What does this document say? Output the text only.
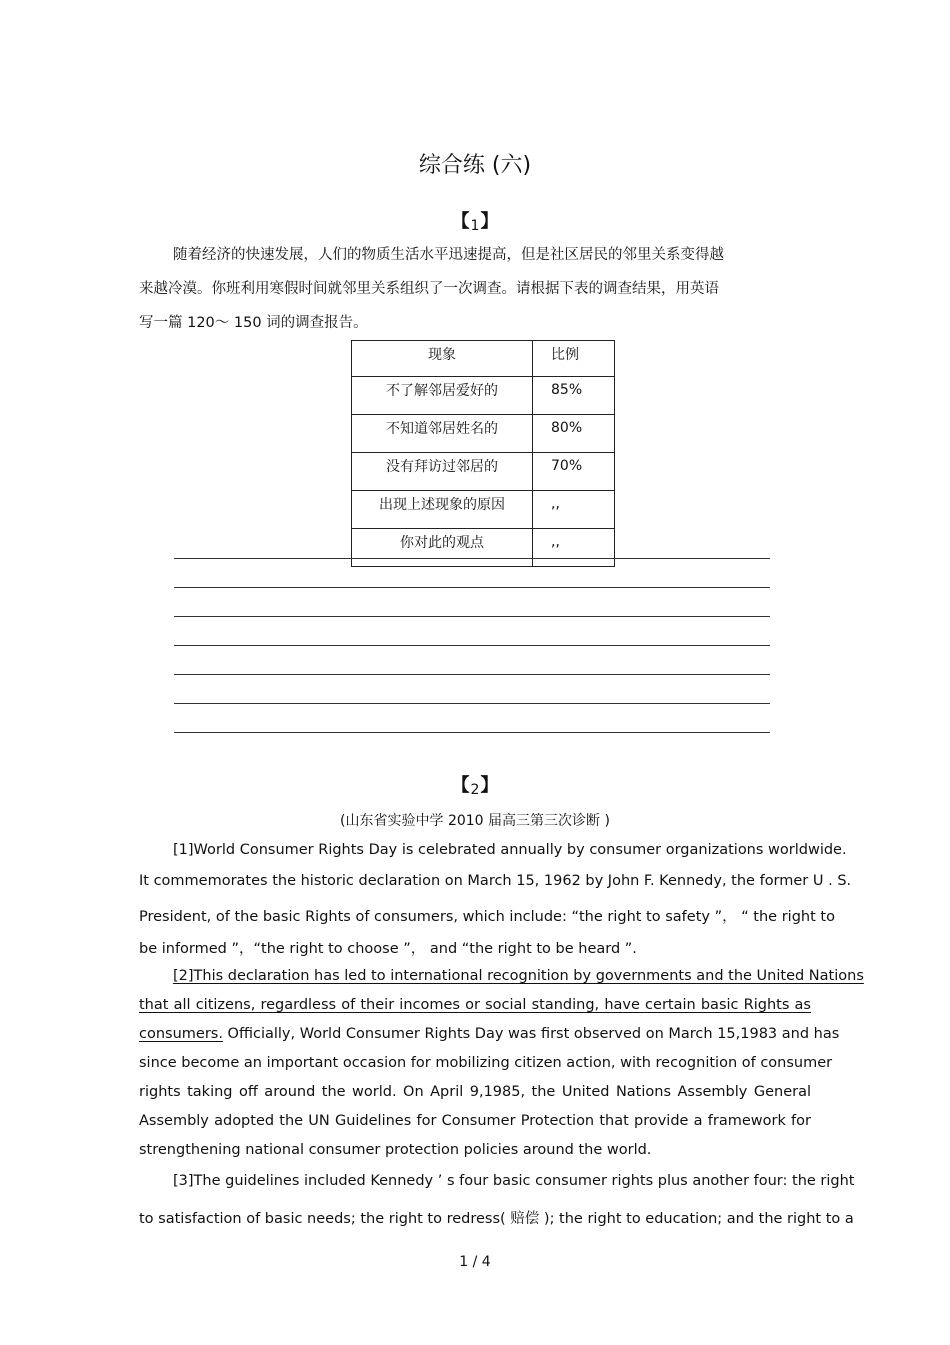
综合练 (六)
【1】
随着经济的快速发展，人们的物质生活水平迅速提高，但是社区居民的邻里关系变得越
来越冷漠。你班利用寒假时间就邻里关系组织了一次调查。请根据下表的调查结果，用英语
写一篇 120～ 150 词的调查报告。
现象	比例
不了解邻居爱好的	85%
不知道邻居姓名的	80%
没有拜访过邻居的	70%
出现上述现象的原因	,,
你对此的观点	,,
【2】
(山东省实验中学 2010 届高三第三次诊断 )
[1]World Consumer Rights Day is celebrated annually by consumer organizations worldwide.
It commemorates the historic declaration on March 15, 1962 by John F. Kennedy, the former U . S.
President, of the basic Rights of consumers, which include: “the right to safety ”， “ the right to
be informed ”，“the right to choose ”， and “the right to be heard ”.
[2]This declaration has led to international recognition by governments and the United Nations
that all citizens, regardless of their incomes or social standing, have certain basic Rights as
consumers. Officially, World Consumer Rights Day was first observed on March 15,1983 and has
since become an important occasion for mobilizing citizen action, with recognition of consumer
rights taking off around the world. On April 9,1985, the United Nations Assembly General
Assembly adopted the UN Guidelines for Consumer Protection that provide a framework for
strengthening national consumer protection policies around the world.
[3]The guidelines included Kennedy ’ s four basic consumer rights plus another four: the right
to satisfaction of basic needs; the right to redress( 赔偿 ); the right to education; and the right to a
1 / 4
